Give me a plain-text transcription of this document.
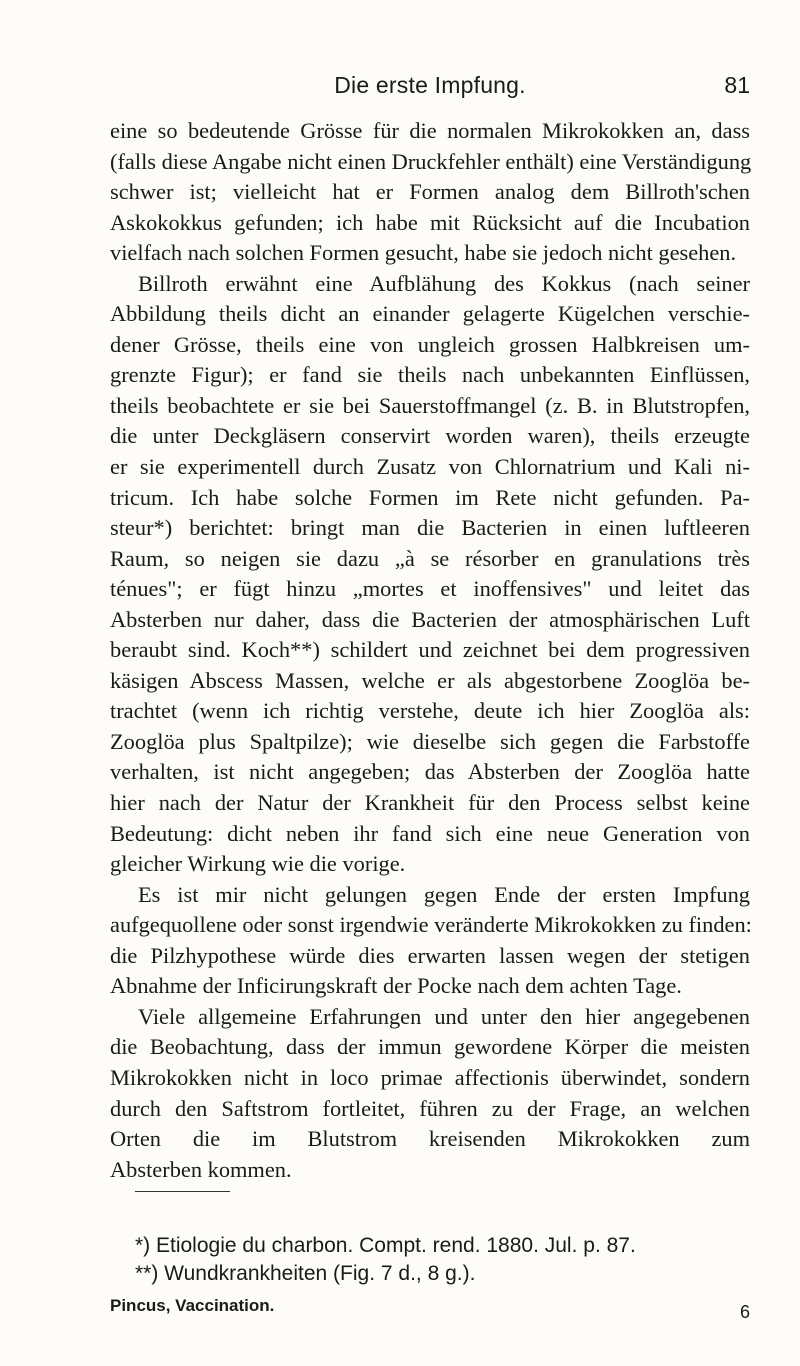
Die erste Impfung.	81
eine so bedeutende Grösse für die normalen Mikrokokken an, dass
(falls diese Angabe nicht einen Druckfehler enthält) eine Verständigung
schwer ist; vielleicht hat er Formen analog dem Billroth'schen
Askokokkus gefunden; ich habe mit Rücksicht auf die Incubation
vielfach nach solchen Formen gesucht, habe sie jedoch nicht gesehen.
Billroth erwähnt eine Aufblähung des Kokkus (nach seiner
Abbildung theils dicht an einander gelagerte Kügelchen verschie-
dener Grösse, theils eine von ungleich grossen Halbkreisen um-
grenzte Figur); er fand sie theils nach unbekannten Einflüssen,
theils beobachtete er sie bei Sauerstoffmangel (z. B. in Blutstropfen,
die unter Deckgläsern conservirt worden waren), theils erzeugte
er sie experimentell durch Zusatz von Chlornatrium und Kali ni-
tricum. Ich habe solche Formen im Rete nicht gefunden. Pa-
steur*) berichtet: bringt man die Bacterien in einen luftleeren
Raum, so neigen sie dazu „à se résorber en granulations très
ténues"; er fügt hinzu „mortes et inoffensives" und leitet das
Absterben nur daher, dass die Bacterien der atmosphärischen Luft
beraubt sind. Koch**) schildert und zeichnet bei dem progressiven
käsigen Abscess Massen, welche er als abgestorbene Zooglöa be-
trachtet (wenn ich richtig verstehe, deute ich hier Zooglöa als:
Zooglöa plus Spaltpilze); wie dieselbe sich gegen die Farbstoffe
verhalten, ist nicht angegeben; das Absterben der Zooglöa hatte
hier nach der Natur der Krankheit für den Process selbst keine
Bedeutung: dicht neben ihr fand sich eine neue Generation von
gleicher Wirkung wie die vorige.
Es ist mir nicht gelungen gegen Ende der ersten Impfung
aufgequollene oder sonst irgendwie veränderte Mikrokokken zu finden:
die Pilzhypothese würde dies erwarten lassen wegen der stetigen
Abnahme der Inficirungskraft der Pocke nach dem achten Tage.
Viele allgemeine Erfahrungen und unter den hier angegebenen
die Beobachtung, dass der immun gewordene Körper die meisten
Mikrokokken nicht in loco primae affectionis überwindet, sondern
durch den Saftstrom fortleitet, führen zu der Frage, an welchen
Orten die im Blutstrom kreisenden Mikrokokken zum
Absterben kommen.
*) Etiologie du charbon. Compt. rend. 1880. Jul. p. 87.
**) Wundkrankheiten (Fig. 7 d., 8 g.).
Pincus, Vaccination.	6
